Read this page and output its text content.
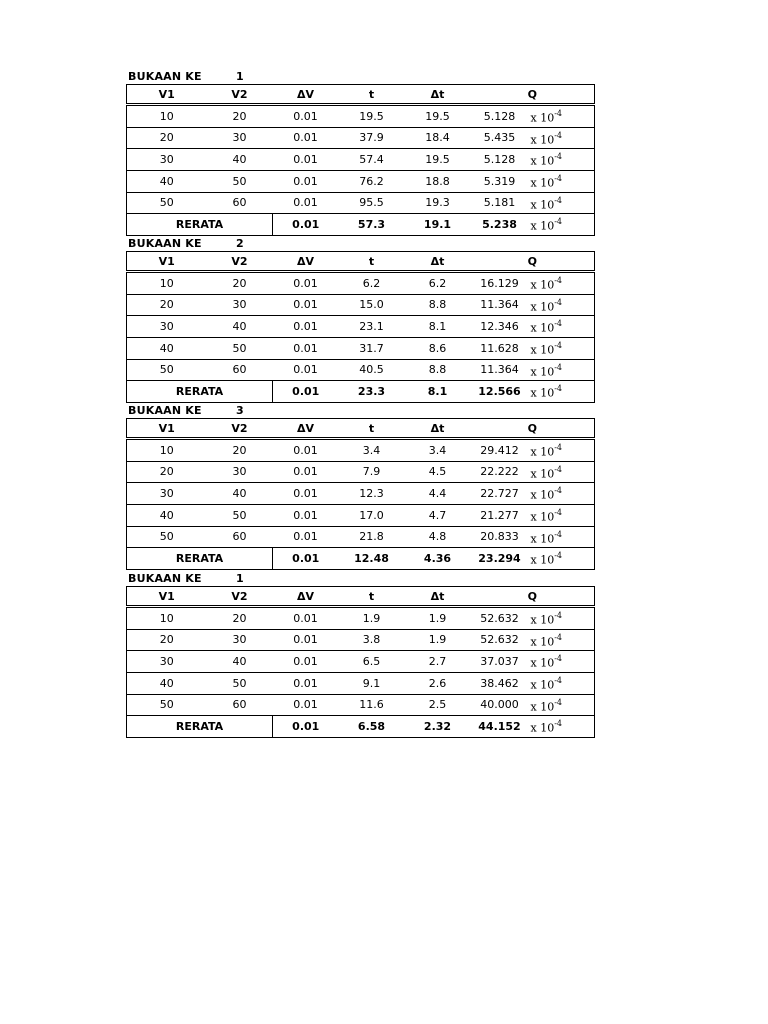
BUKAAN KE	1
V1	V2	ΔV	t	Δt	Q	
10	20	0.01	19.5	19.5	5.128	x $10^{-4}$
20	30	0.01	37.9	18.4	5.435	x $10^{-4}$
30	40	0.01	57.4	19.5	5.128	x $10^{-4}$
40	50	0.01	76.2	18.8	5.319	x $10^{-4}$
50	60	0.01	95.5	19.3	5.181	x $10^{-4}$
RERATA		0.01	57.3	19.1	5.238	x $10^{-4}$
BUKAAN KE	2
V1	V2	ΔV	t	Δt	Q	
10	20	0.01	6.2	6.2	16.129	x $10^{-4}$
20	30	0.01	15.0	8.8	11.364	x $10^{-4}$
30	40	0.01	23.1	8.1	12.346	x $10^{-4}$
40	50	0.01	31.7	8.6	11.628	x $10^{-4}$
50	60	0.01	40.5	8.8	11.364	x $10^{-4}$
RERATA		0.01	23.3	8.1	12.566	x $10^{-4}$
BUKAAN KE	3
V1	V2	ΔV	t	Δt	Q	
10	20	0.01	3.4	3.4	29.412	x $10^{-4}$
20	30	0.01	7.9	4.5	22.222	x $10^{-4}$
30	40	0.01	12.3	4.4	22.727	x $10^{-4}$
40	50	0.01	17.0	4.7	21.277	x $10^{-4}$
50	60	0.01	21.8	4.8	20.833	x $10^{-4}$
RERATA		0.01	12.48	4.36	23.294	x $10^{-4}$
BUKAAN KE	1
V1	V2	ΔV	t	Δt	Q	
10	20	0.01	1.9	1.9	52.632	x $10^{-4}$
20	30	0.01	3.8	1.9	52.632	x $10^{-4}$
30	40	0.01	6.5	2.7	37.037	x $10^{-4}$
40	50	0.01	9.1	2.6	38.462	x $10^{-4}$
50	60	0.01	11.6	2.5	40.000	x $10^{-4}$
RERATA		0.01	6.58	2.32	44.152	x $10^{-4}$
